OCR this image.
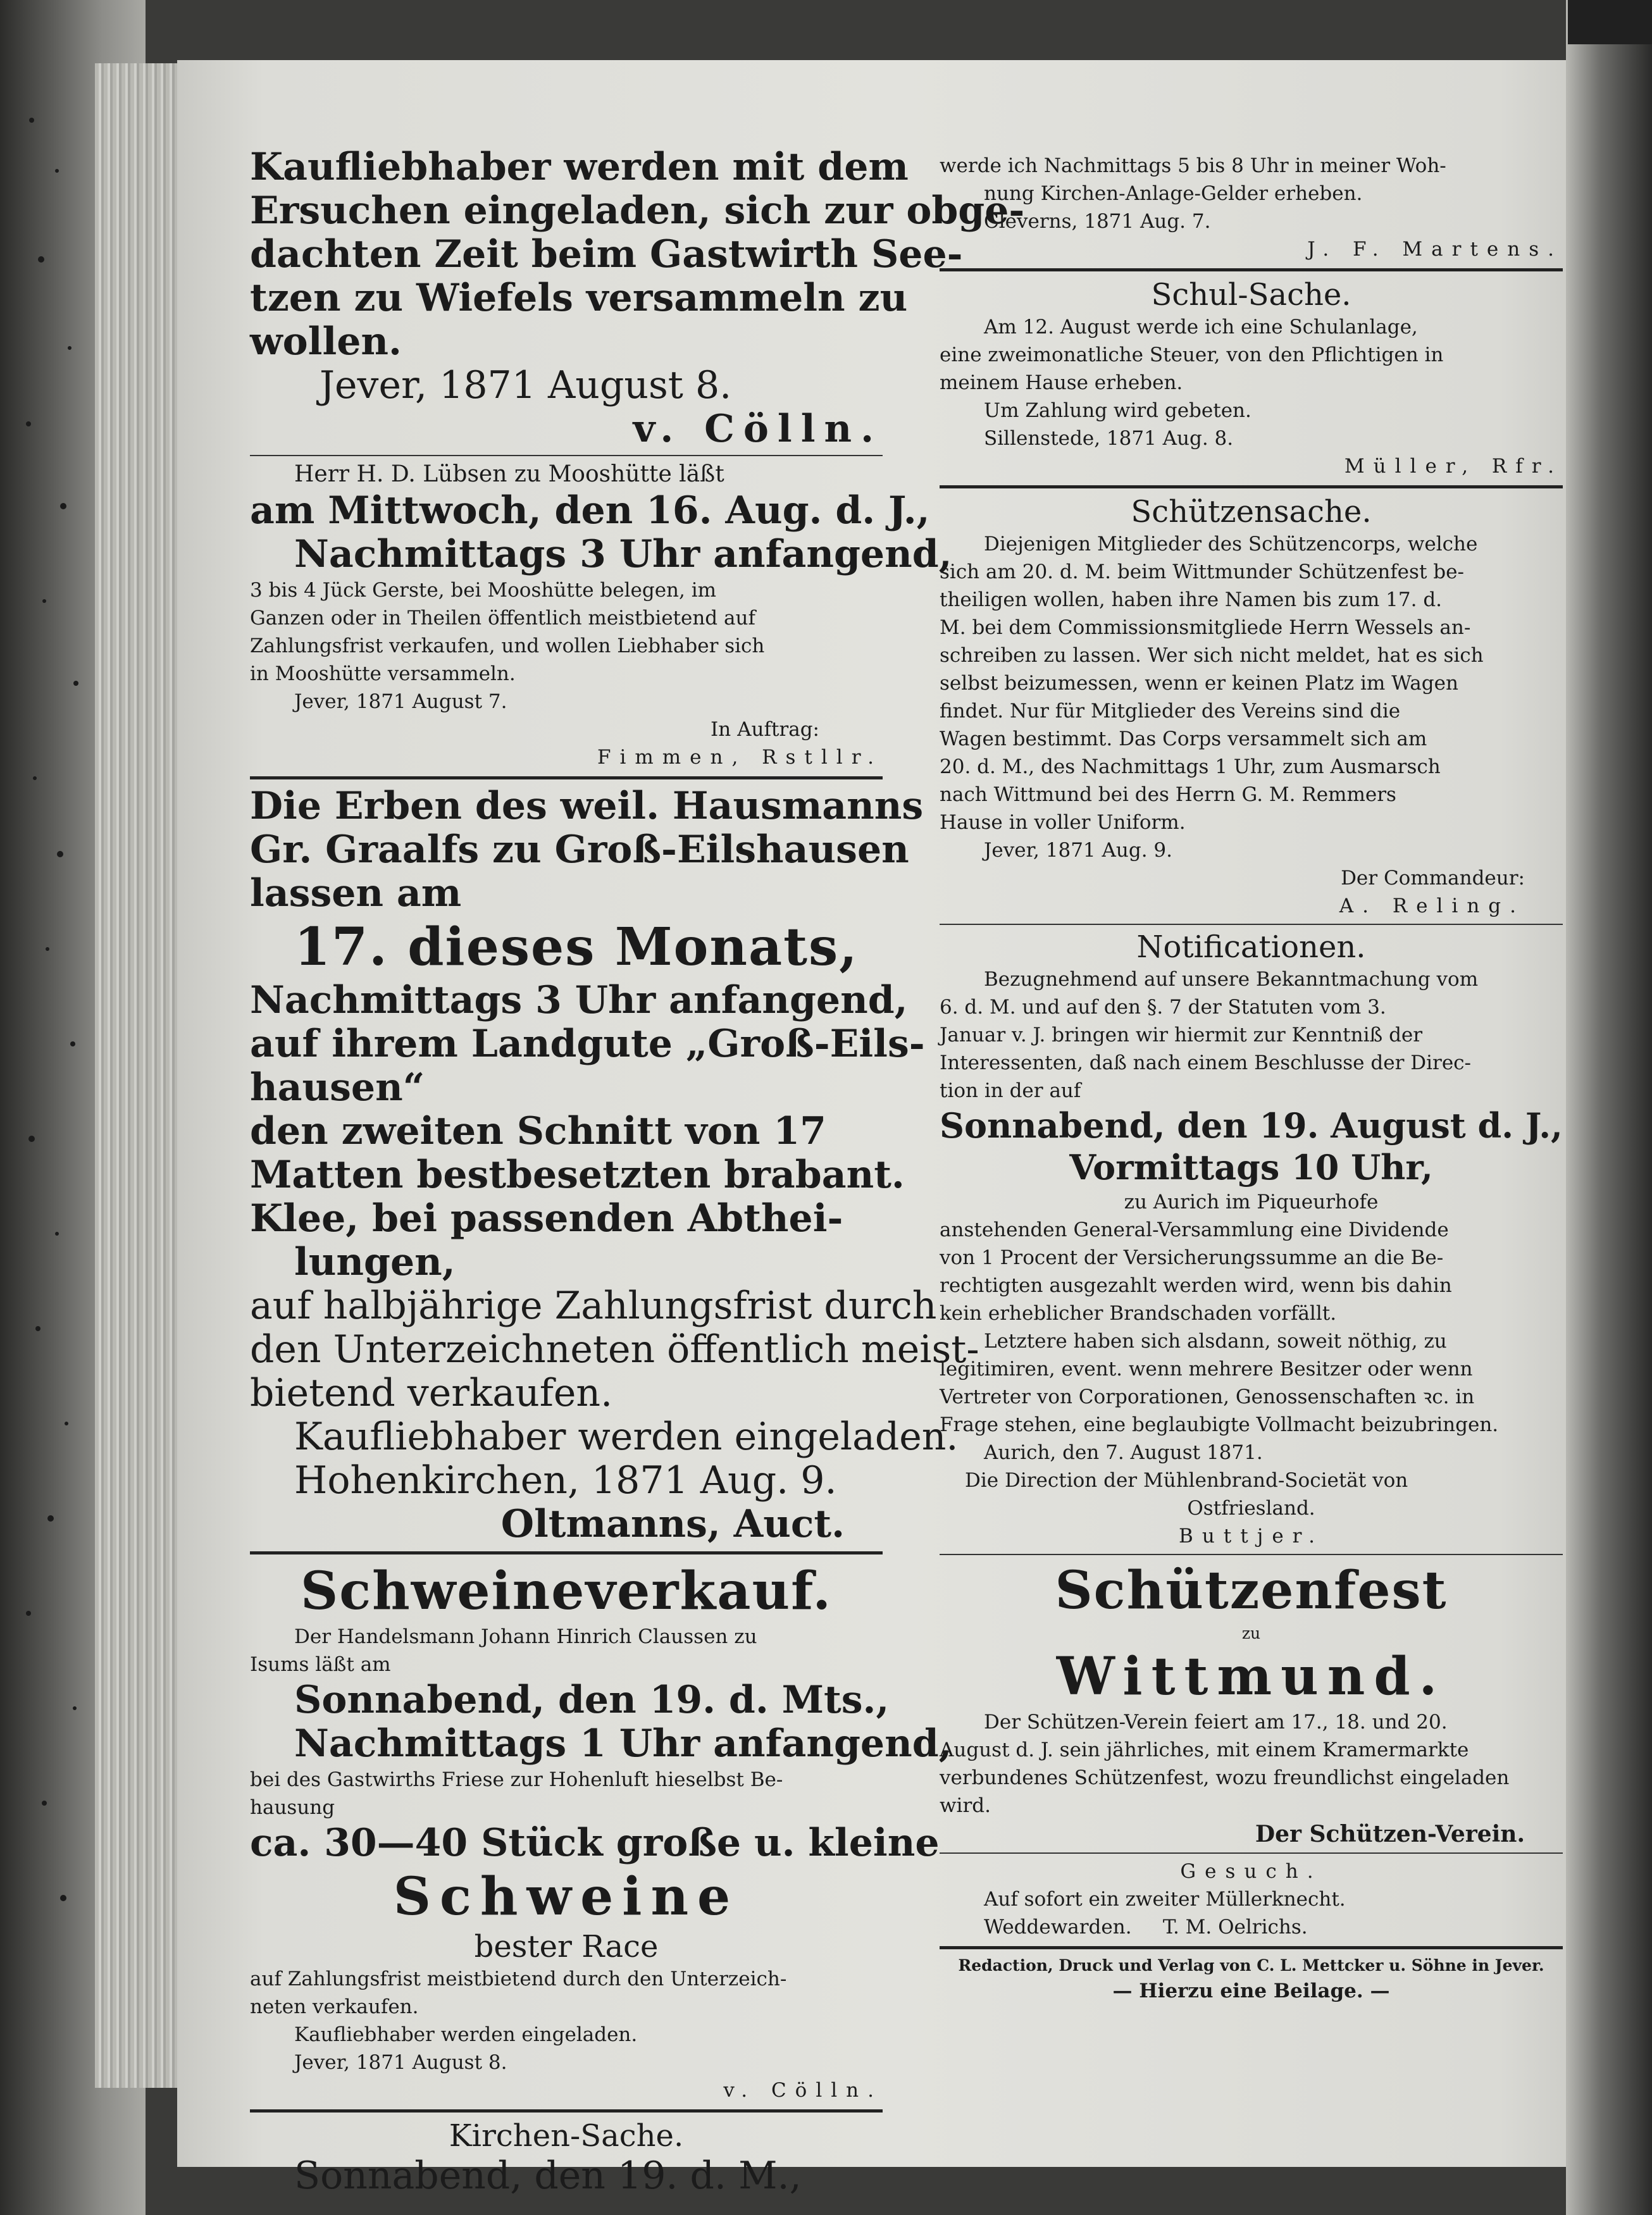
Kaufliebhaber werden mit dem
Ersuchen eingeladen, sich zur obge-
dachten Zeit beim Gastwirth See-
tzen zu Wiefels versammeln zu
wollen.
Jever, 1871 August 8.
v. Cölln.
Herr H. D. Lübsen zu Mooshütte läßt
am Mittwoch, den 16. Aug. d. J.,
Nachmittags 3 Uhr anfangend,
3 bis 4 Jück Gerste, bei Mooshütte belegen, im
Ganzen oder in Theilen öffentlich meistbietend auf
Zahlungsfrist verkaufen, und wollen Liebhaber sich
in Mooshütte versammeln.
Jever, 1871 August 7.
In Auftrag:
Fimmen, Rstllr.
Die Erben des weil. Hausmanns
Gr. Graalfs zu Groß-Eilshausen
lassen am
17. dieses Monats,
Nachmittags 3 Uhr anfangend,
auf ihrem Landgute „Groß-Eils-
hausen“
den zweiten Schnitt von 17
Matten bestbesetzten brabant.
Klee, bei passenden Abthei-
lungen,
auf halbjährige Zahlungsfrist durch
den Unterzeichneten öffentlich meist-
bietend verkaufen.
Kaufliebhaber werden eingeladen.
Hohenkirchen, 1871 Aug. 9.
Oltmanns, Auct.
Schweineverkauf.
Der Handelsmann Johann Hinrich Claussen zu
Isums läßt am
Sonnabend, den 19. d. Mts.,
Nachmittags 1 Uhr anfangend,
bei des Gastwirths Friese zur Hohenluft hieselbst Be-
hausung
ca. 30—40 Stück große u. kleine
Schweine
bester Race
auf Zahlungsfrist meistbietend durch den Unterzeich-
neten verkaufen.
Kaufliebhaber werden eingeladen.
Jever, 1871 August 8.
v. Cölln.
Kirchen-Sache.
Sonnabend, den 19. d. M.,
werde ich Nachmittags 5 bis 8 Uhr in meiner Woh-
nung Kirchen-Anlage-Gelder erheben.
Cleverns, 1871 Aug. 7.
J. F. Martens.
Schul-Sache.
Am 12. August werde ich eine Schulanlage,
eine zweimonatliche Steuer, von den Pflichtigen in
meinem Hause erheben.
Um Zahlung wird gebeten.
Sillenstede, 1871 Aug. 8.
Müller, Rfr.
Schützensache.
Diejenigen Mitglieder des Schützencorps, welche
sich am 20. d. M. beim Wittmunder Schützenfest be-
theiligen wollen, haben ihre Namen bis zum 17. d.
M. bei dem Commissionsmitgliede Herrn Wessels an-
schreiben zu lassen. Wer sich nicht meldet, hat es sich
selbst beizumessen, wenn er keinen Platz im Wagen
findet. Nur für Mitglieder des Vereins sind die
Wagen bestimmt. Das Corps versammelt sich am
20. d. M., des Nachmittags 1 Uhr, zum Ausmarsch
nach Wittmund bei des Herrn G. M. Remmers
Hause in voller Uniform.
Jever, 1871 Aug. 9.
Der Commandeur:
A. Reling.
Notificationen.
Bezugnehmend auf unsere Bekanntmachung vom
6. d. M. und auf den §. 7 der Statuten vom 3.
Januar v. J. bringen wir hiermit zur Kenntniß der
Interessenten, daß nach einem Beschlusse der Direc-
tion in der auf
Sonnabend, den 19. August d. J.,
Vormittags 10 Uhr,
zu Aurich im Piqueurhofe
anstehenden General-Versammlung eine Dividende
von 1 Procent der Versicherungssumme an die Be-
rechtigten ausgezahlt werden wird, wenn bis dahin
kein erheblicher Brandschaden vorfällt.
Letztere haben sich alsdann, soweit nöthig, zu
legitimiren, event. wenn mehrere Besitzer oder wenn
Vertreter von Corporationen, Genossenschaften ꝛc. in
Frage stehen, eine beglaubigte Vollmacht beizubringen.
Aurich, den 7. August 1871.
Die Direction der Mühlenbrand-Societät von
Ostfriesland.
Buttjer.
Schützenfest
zu
Wittmund.
Der Schützen-Verein feiert am 17., 18. und 20.
August d. J. sein jährliches, mit einem Kramermarkte
verbundenes Schützenfest, wozu freundlichst eingeladen
wird.
Der Schützen-Verein.
Gesuch.
Auf sofort ein zweiter Müllerknecht.
Weddewarden.     T. M. Oelrichs.
Redaction, Druck und Verlag von C. L. Mettcker u. Söhne in Jever.
— Hierzu eine Beilage. —
